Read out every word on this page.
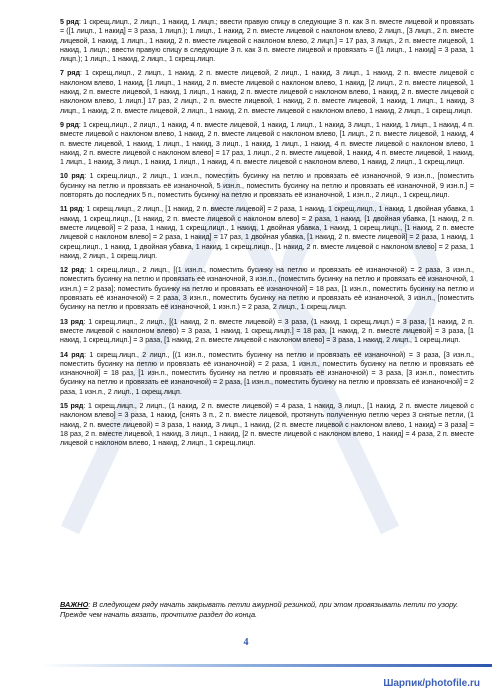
5 ряд: 1 скрещ.лицп., 2 лицп., 1 накид, 1 лицп.; ввести правую спицу в следующие 3 п. как 3 п. вместе лицевой и провязать = ([1 лицп., 1 накид] = 3 раза, 1 лицп.); 1 лицп., 1 накид, 2 п. вместе лицевой с наклоном влево, 2 лицп., [3 лицп., 2 п. вместе лицевой, 1 накид, 1 лицп., 1 накид, 2 п. вместе лицевой с наклоном влево, 2 лицп.] = 17 раз, 3 лицп., 2 п. вместе лицевой, 1 накид, 1 лицп.; ввести правую спицу в следующие 3 п. как 3 п. вместе лицевой и провязать = ([1 лицп., 1 накид] = 3 раза, 1 лицп.); 1 лицп., 1 накид, 2 лицп., 1 скрещ.лицп.

7 ряд: 1 скрещ.лицп., 2 лицп., 1 накид, 2 п. вместе лицевой, 2 лицп., 1 накид, 3 лицп., 1 накид, 2 п. вместе лицевой с наклоном влево, 1 накид, [1 лицп., 1 накид, 2 п. вместе лицевой с наклоном влево, 1 накид, [2 лицп., 2 п. вместе лицевой, 1 накид, 2 п. вместе лицевой, 1 накид, 1 лицп., 1 накид, 2 п. вместе лицевой с наклоном влево, 1 накид, 2 п. вместе лицевой с наклоном влево, 1 лицп.] 17 раз, 2 лицп., 2 п. вместе лицевой, 1 накид, 2 п. вместе лицевой, 1 накид, 1 лицп., 1 накид, 3 лицп., 1 накид, 2 п. вместе лицевой, 2 лицп., 1 накид, 2 п. вместе лицевой с наклоном влево, 1 накид, 2 лицп., 1 скрещ.лицп.

9 ряд: 1 скрещ.лицп., 2 лицп., 1 накид, 4 п. вместе лицевой, 1 накид, 1 лицп., 1 накид, 3 лицп., 1 накид, 1 лицп., 1 накид, 4 п. вместе лицевой с наклоном влево, 1 накид, 2 п. вместе лицевой с наклоном влево, [1 лицп., 2 п. вместе лицевой, 1 накид, 4 п. вместе лицевой, 1 накид, 1 лицп., 1 накид, 3 лицп., 1 накид, 1 лицп., 1 накид, 4 п. вместе лицевой с наклоном влево, 1 накид, 2 п. вместе лицевой с наклоном влево] = 17 раз, 1 лицп., 2 п. вместе лицевой, 1 накид, 4 п. вместе лицевой, 1 накид, 1 лицп., 1 накид, 3 лицп., 1 накид, 1 лицп., 1 накид, 4 п. вместе лицевой с наклоном влево, 1 накид, 2 лицп., 1 скрещ.лицп.

10 ряд: 1 скрещ.лицп., 2 лицп., 1 изн.п., поместить бусинку на петлю и провязать её изнаночной, 9 изн.п., [поместить бусинку на петлю и провязать её изнаночной, 5 изн.п., поместить бусинку на петлю и провязать её изнаночной, 9 изн.п.] = повторять до последних 5 п., поместить бусинку на петлю и провязать её изнаночной, 1 изн.п., 2 лицп., 1 скрещ.лицп.

11 ряд: 1 скрещ.лицп., 2 лицп., [1 накид, 2 п. вместе лицевой] = 2 раза, 1 накид, 1 скрещ.лицп., 1 накид, 1 двойная убавка, 1 накид, 1 скрещ.лицп., [1 накид, 2 п. вместе лицевой с наклоном влево] = 2 раза, 1 накид, [1 двойная убавка, [1 накид, 2 п. вместе лицевой] = 2 раза, 1 накид, 1 скрещ.лицп., 1 накид, 1 двойная убавка, 1 накид, 1 скрещ.лицп., [1 накид, 2 п. вместе лицевой с наклоном влево] = 2 раза, 1 накид] = 17 раз, 1 двойная убавка, [1 накид, 2 п. вместе лицевой] = 2 раза, 1 накид, 1 скрещ.лицп., 1 накид, 1 двойная убавка, 1 накид, 1 скрещ.лицп., [1 накид, 2 п. вместе лицевой с наклоном влево] = 2 раза, 1 накид, 2 лицп., 1 скрещ.лицп.

12 ряд: 1 скрещ.лицп., 2 лицп., [(1 изн.п., поместить бусинку на петлю и провязать её изнаночной) = 2 раза, 3 изн.п., поместить бусинку на петлю и провязать её изнаночной, 3 изн.п., (поместить бусинку на петлю и провязать её изнаночной, 1 изн.п.) = 2 раза]; поместить бусинку на петлю и провязать её изнаночной] = 18 раз, [1 изн.п., поместить бусинку на петлю и провязать её изнаночной) = 2 раза, 3 изн.п., поместить бусинку на петлю и провязать её изнаночной, 3 изн.п., [поместить бусинку на петлю и провязать её изнаночной, 1 изн.п.) = 2 раза, 2 лицп., 1 скрещ.лицп.

13 ряд: 1 скрещ.лицп., 2 лицп., [(1 накид, 2 п. вместе лицевой) = 3 раза, (1 накид, 1 скрещ.лицп.) = 3 раза, [1 накид, 2 п. вместе лицевой с наклоном влево) = 3 раза, 1 накид, 1 скрещ.лицп.] = 18 раз, [1 накид, 2 п. вместе лицевой] = 3 раза, [1 накид, 1 скрещ.лицп.] = 3 раза, [1 накид, 2 п. вместе лицевой с наклоном влево] = 3 раза, 1 накид, 2 лицп., 1 скрещ.лицп.

14 ряд: 1 скрещ.лицп., 2 лицп., [(1 изн.п., поместить бусинку на петлю и провязать её изнаночной) = 3 раза, [3 изн.п., поместить бусинку на петлю и провязать её изнаночной) = 2 раза, 1 изн.п., поместить бусинку на петлю и провязать её изнаночной] = 18 раз, [1 изн.п., поместить бусинку на петлю и провязать её изнаночной) = 3 раза, [3 изн.п., поместить бусинку на петлю и провязать её изнаночной) = 2 раза, [1 изн.п., поместить бусинку на петлю и провязать её изнаночной] = 2 раза, 1 изн.п., 2 лицп., 1 скрещ.лицп.

15 ряд: 1 скрещ.лицп., 2 лицп., (1 накид, 2 п. вместе лицевой) = 4 раза, 1 накид, 3 лицп., [1 накид, 2 п. вместе лицевой с наклоном влево] = 3 раза, 1 накид, [снять 3 п., 2 п. вместе лицевой, протянуть полученную петлю через 3 снятые петли, (1 накид, 2 п. вместе лицевой) = 3 раза, 1 накид, 3 лицп., 1 накид, (2 п. вместе лицевой с наклоном влево, 1 накид) = 3 раза] = 18 раз, 2 п. вместе лицевой, 1 накид, 3 лицп., 1 накид, [2 п. вместе лицевой с наклоном влево, 1 накид] = 4 раза, 2 п. вместе лицевой с наклоном влево, 1 накид, 2 лицп., 1 скрещ.лицп.

ВАЖНО: В следующем ряду начать закрывать петли ажурной резинкой, при этом провязывать петли по узору. Прежде чем начать вязать, прочтите раздел до конца.

4
Шарпик/photofile.ru
